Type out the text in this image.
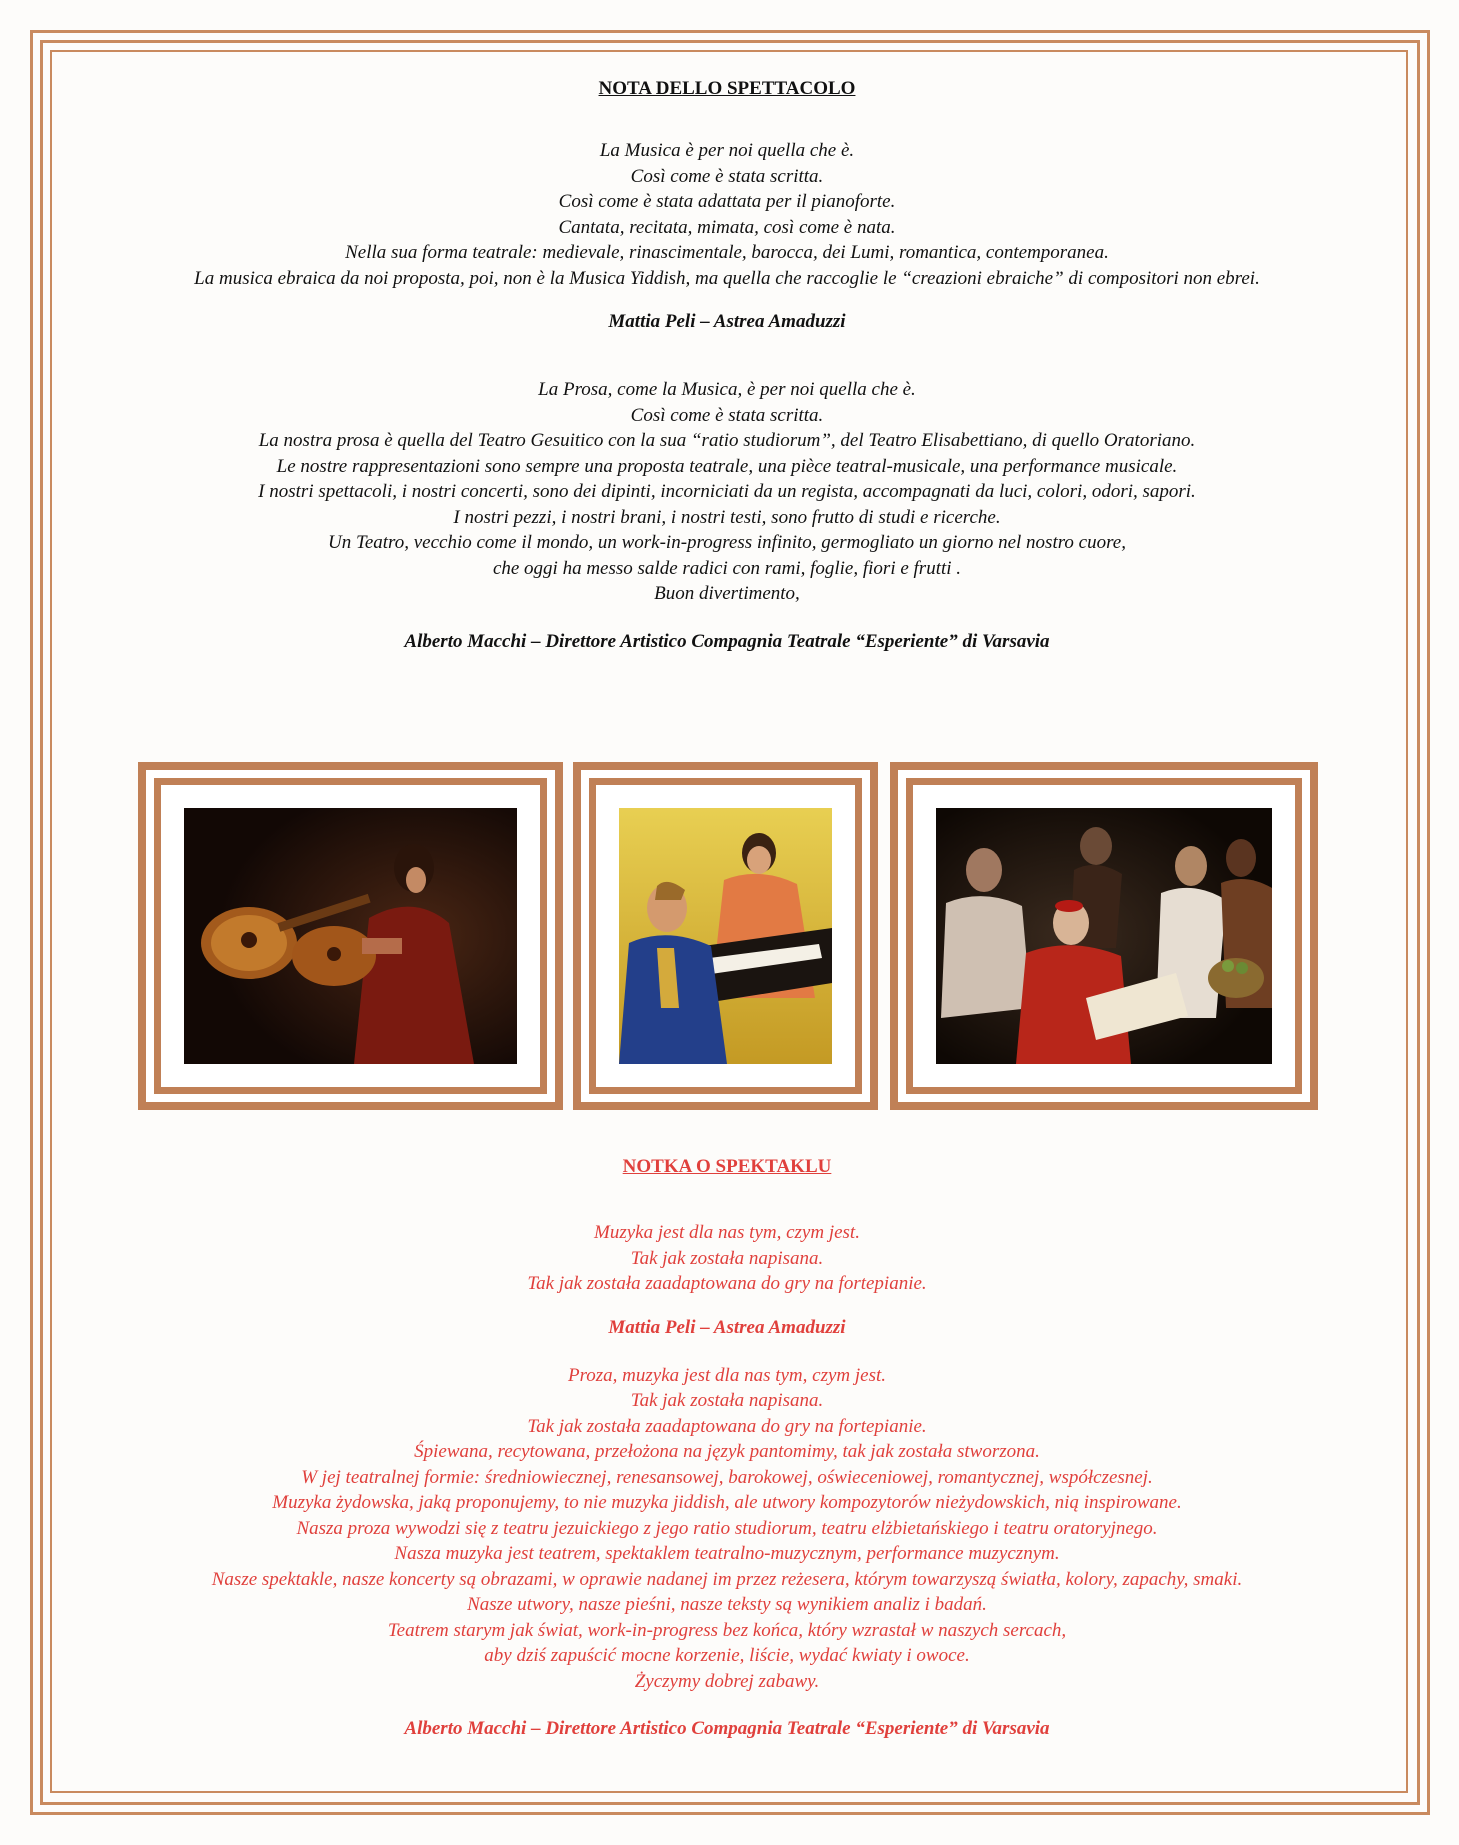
NOTA DELLO SPETTACOLO

La Musica è per noi quella che è.

Così come è stata scritta.

Così come è stata adattata per il pianoforte.

Cantata, recitata, mimata, così come è nata.

Nella sua forma teatrale: medievale, rinascimentale, barocca, dei Lumi, romantica, contemporanea.

La musica ebraica da noi proposta, poi, non è la Musica Yiddish, ma quella che raccoglie le “creazioni ebraiche” di compositori non ebrei.

Mattia Peli – Astrea Amaduzzi

La Prosa, come la Musica, è per noi quella che è.

Così come è stata scritta.

La nostra prosa è quella del Teatro Gesuitico con la sua “ratio studiorum”, del Teatro Elisabettiano, di quello Oratoriano.

Le nostre rappresentazioni sono sempre una proposta teatrale, una pièce teatral-musicale, una performance musicale.

I nostri spettacoli, i nostri concerti, sono dei dipinti, incorniciati da un regista, accompagnati da luci, colori, odori, sapori.

I nostri pezzi, i nostri brani, i nostri testi, sono frutto di studi e ricerche.

Un Teatro, vecchio come il mondo, un work-in-progress infinito, germogliato un giorno nel nostro cuore,

che oggi ha messo salde radici con rami, foglie, fiori e frutti .

Buon divertimento,

Alberto Macchi – Direttore Artistico Compagnia Teatrale “Esperiente” di Varsavia

NOTKA O SPEKTAKLU

Muzyka jest dla nas tym, czym jest.

Tak jak została napisana.

Tak jak została zaadaptowana do gry na fortepianie.

Mattia Peli – Astrea Amaduzzi

Proza, muzyka jest dla nas tym, czym jest.

Tak jak została napisana.

Tak jak została zaadaptowana do gry na fortepianie.

Śpiewana, recytowana, przełożona na język pantomimy, tak jak została stworzona.

W jej teatralnej formie: średniowiecznej, renesansowej, barokowej, oświeceniowej, romantycznej, współczesnej.

Muzyka żydowska, jaką proponujemy, to nie muzyka jiddish, ale utwory kompozytorów nieżydowskich, nią inspirowane.

Nasza proza wywodzi się z teatru jezuickiego z jego ratio studiorum, teatru elżbietańskiego i teatru oratoryjnego.

Nasza muzyka jest teatrem, spektaklem teatralno-muzycznym, performance muzycznym.

Nasze spektakle, nasze koncerty są obrazami, w oprawie nadanej im przez reżesera, którym towarzyszą światła, kolory, zapachy, smaki.

Nasze utwory, nasze pieśni, nasze teksty są wynikiem analiz i badań.

Teatrem starym jak świat, work-in-progress bez końca, który wzrastał w naszych sercach,

aby dziś zapuścić mocne korzenie, liście, wydać kwiaty i owoce.

Życzymy dobrej zabawy.

Alberto Macchi – Direttore Artistico Compagnia Teatrale “Esperiente” di Varsavia
